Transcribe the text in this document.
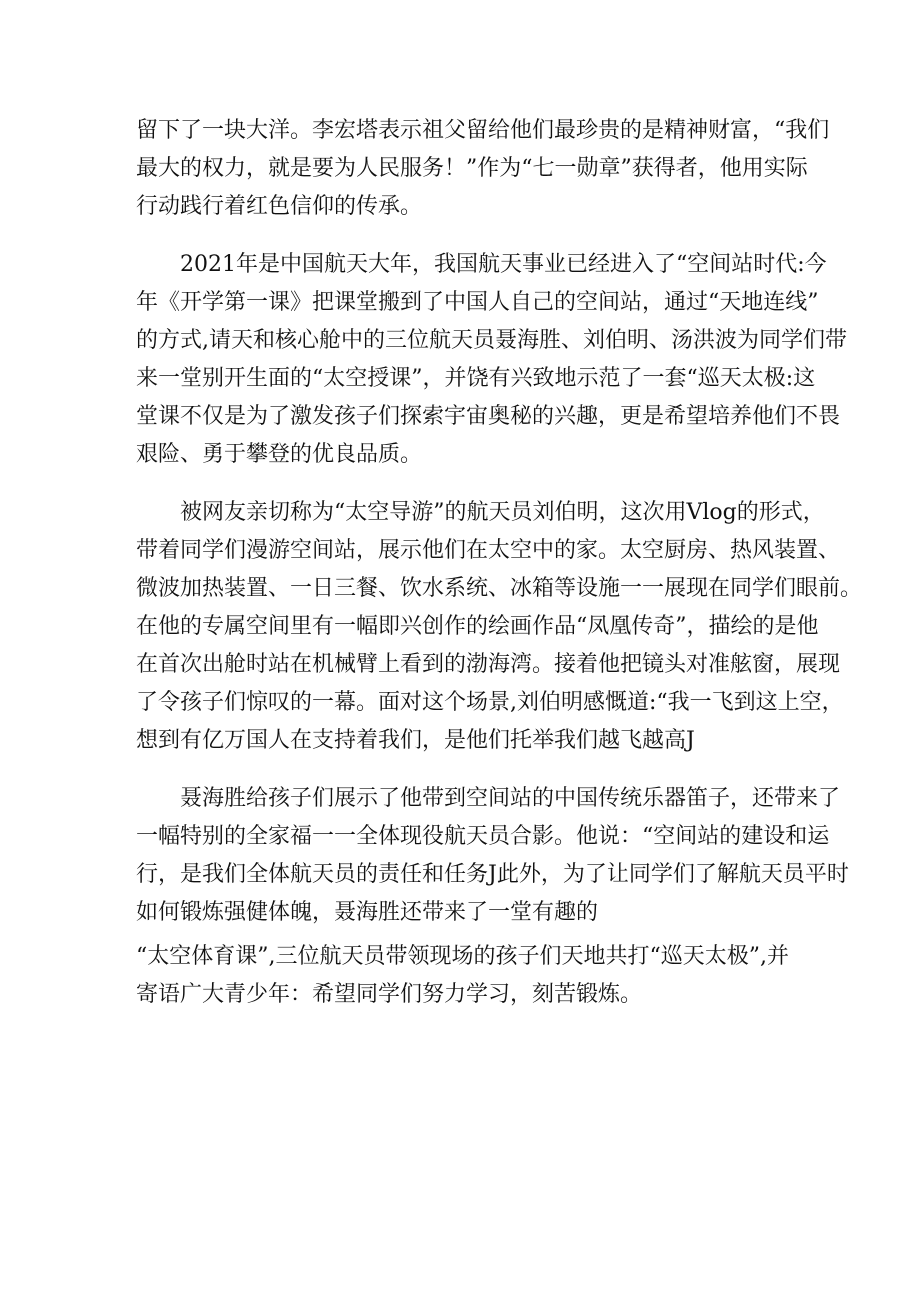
留下了一块大洋。李宏塔表示祖父留给他们最珍贵的是精神财富，“我们
最大的权力，就是要为人民服务！”作为“七一勋章”获得者，他用实际
行动践行着红色信仰的传承。
2021年是中国航天大年，我国航天事业已经进入了“空间站时代:今
年《开学第一课》把课堂搬到了中国人自己的空间站，通过“天地连线”
的方式,请天和核心舱中的三位航天员聂海胜、刘伯明、汤洪波为同学们带
来一堂别开生面的“太空授课”，并饶有兴致地示范了一套“巡天太极:这
堂课不仅是为了激发孩子们探索宇宙奥秘的兴趣，更是希望培养他们不畏
艰险、勇于攀登的优良品质。
被网友亲切称为“太空导游”的航天员刘伯明，这次用Vlog的形式，
带着同学们漫游空间站，展示他们在太空中的家。太空厨房、热风装置、
微波加热装置、一日三餐、饮水系统、冰箱等设施一一展现在同学们眼前。
在他的专属空间里有一幅即兴创作的绘画作品“凤凰传奇”，描绘的是他
在首次出舱时站在机械臂上看到的渤海湾。接着他把镜头对准舷窗，展现
了令孩子们惊叹的一幕。面对这个场景,刘伯明感慨道:“我一飞到这上空，
想到有亿万国人在支持着我们，是他们托举我们越飞越高J
聂海胜给孩子们展示了他带到空间站的中国传统乐器笛子，还带来了
一幅特别的全家福一一全体现役航天员合影。他说：“空间站的建设和运
行，是我们全体航天员的责任和任务J此外，为了让同学们了解航天员平时
如何锻炼强健体魄，聂海胜还带来了一堂有趣的
“太空体育课”,三位航天员带领现场的孩子们天地共打“巡天太极”,并
寄语广大青少年：希望同学们努力学习，刻苦锻炼。
